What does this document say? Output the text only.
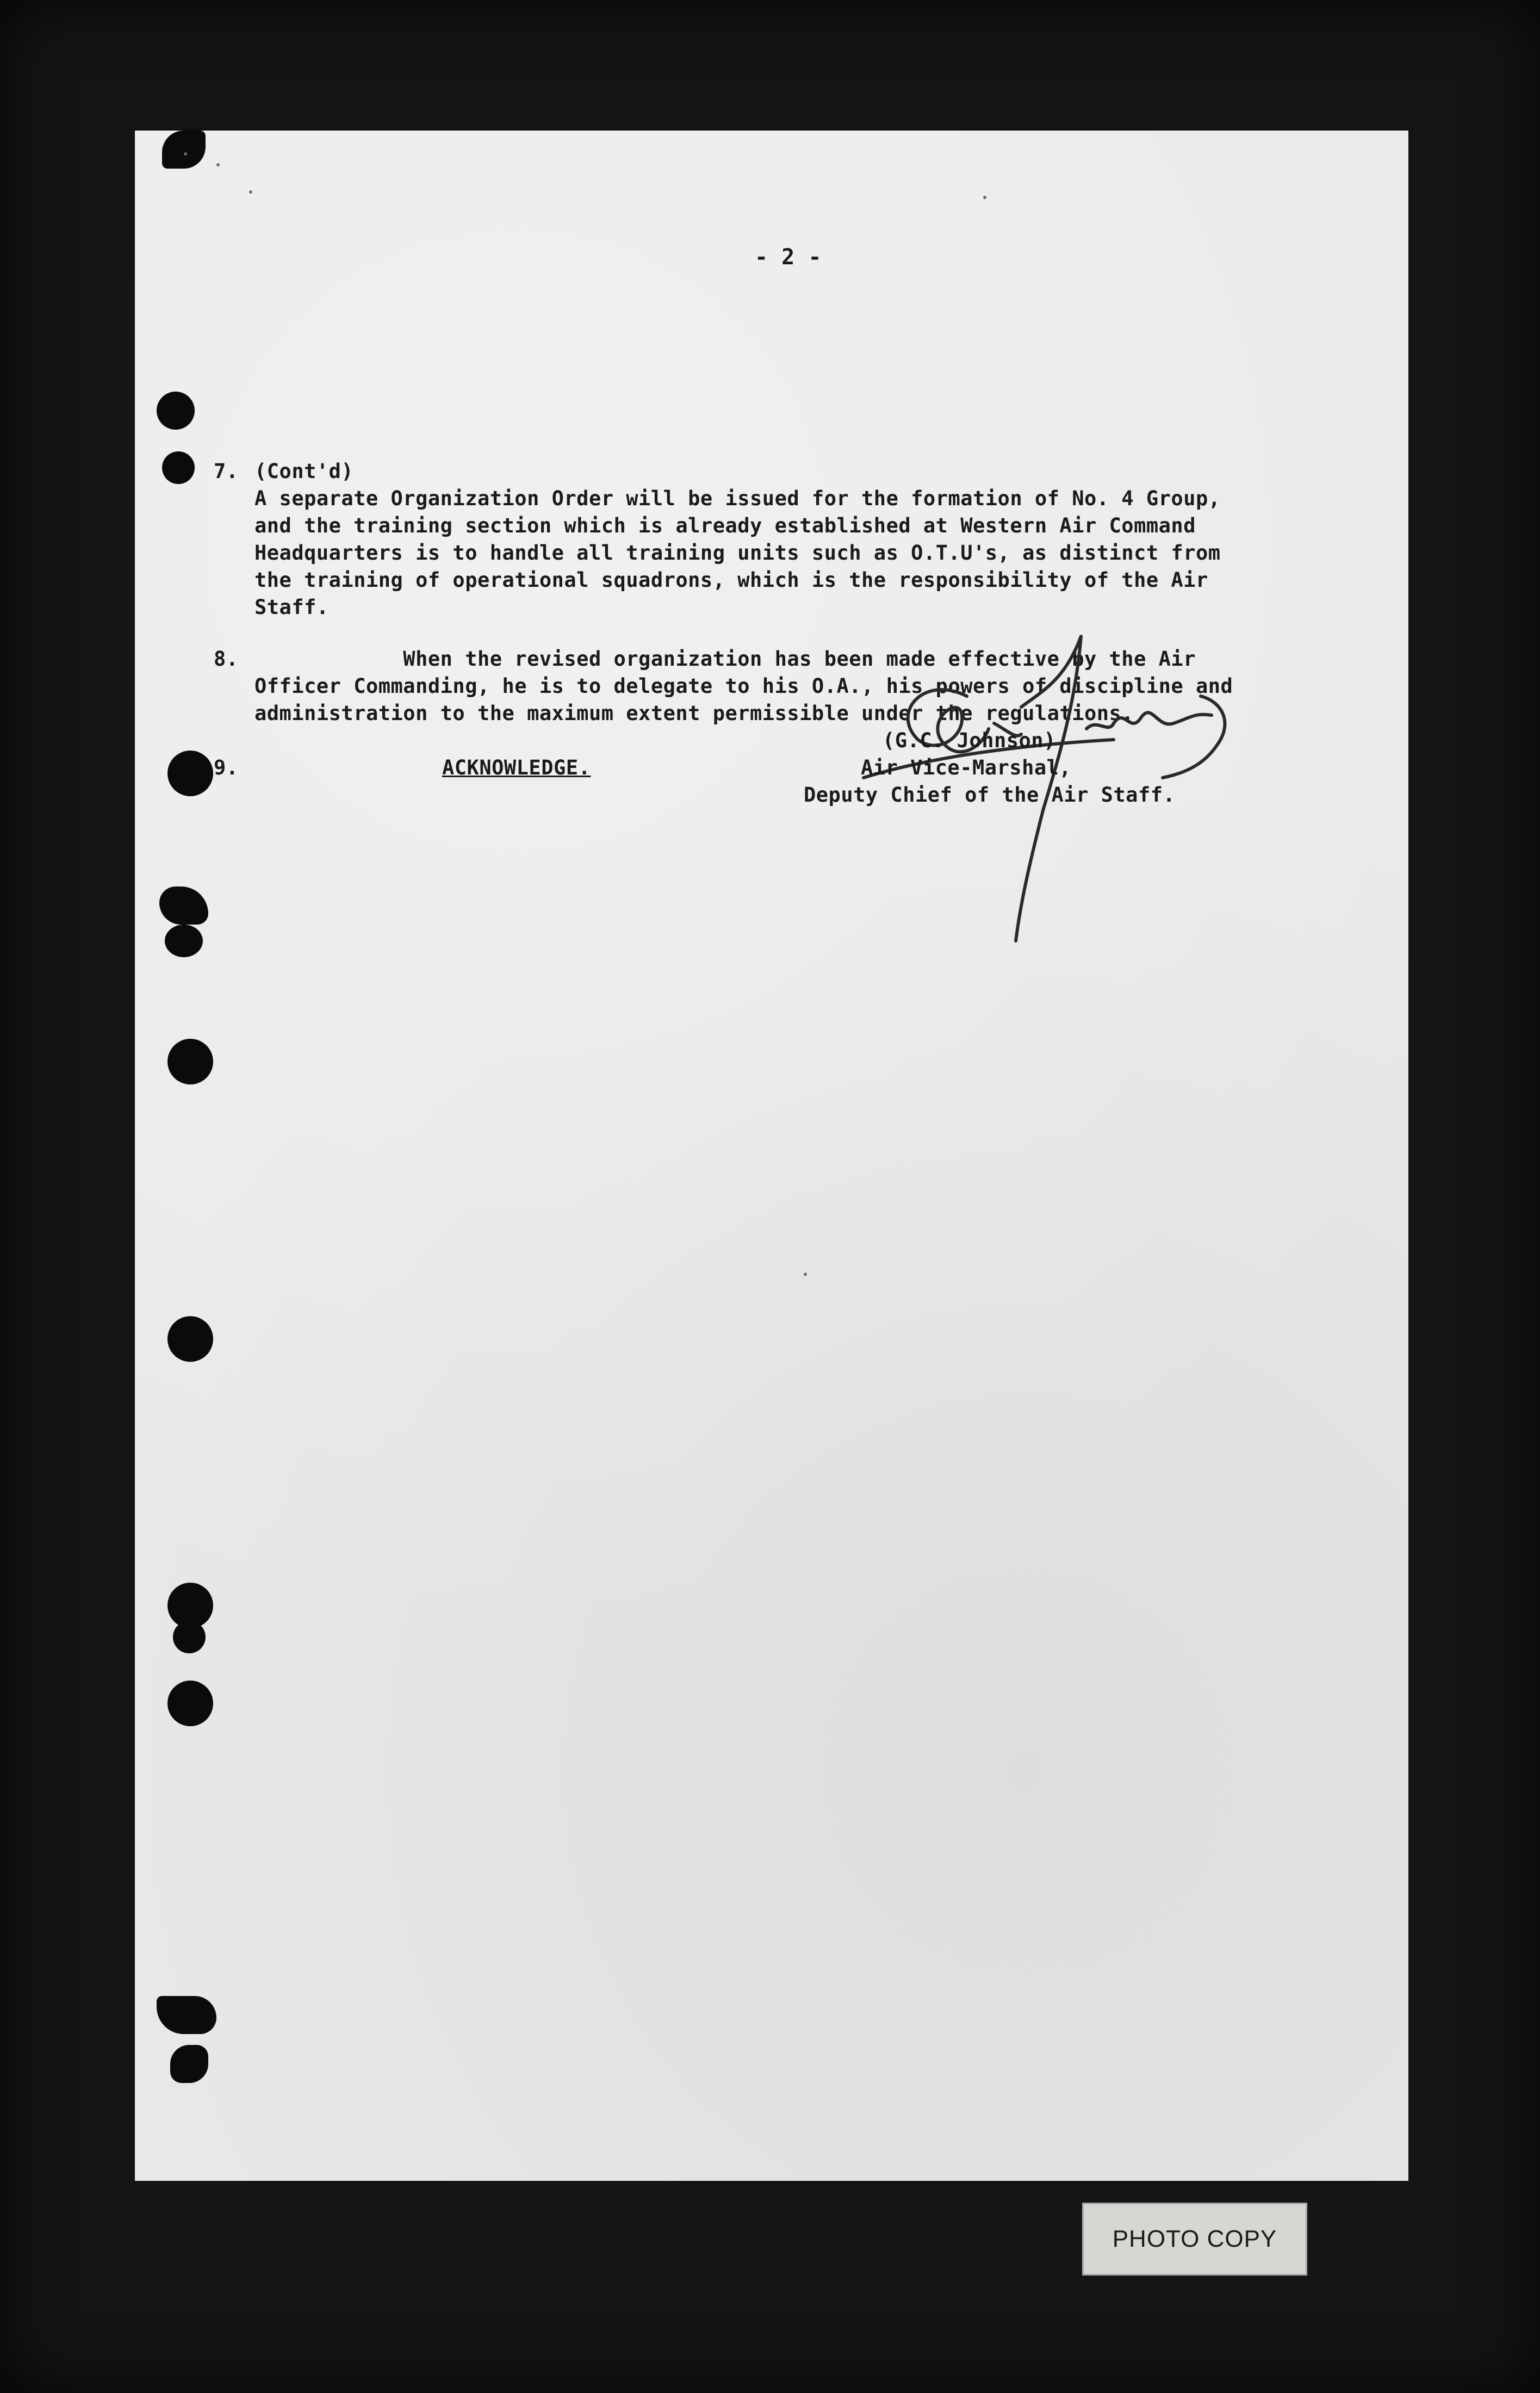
- 2 -
7. (Cont'd)
A separate Organization Order will be issued for the formation of No. 4 Group,
and the training section which is already established at Western Air Command
Headquarters is to handle all training units such as O.T.U's, as distinct from
the training of operational squadrons, which is the responsibility of the Air
Staff.
8. When the revised organization has been made effective by the Air
Officer Commanding, he is to delegate to his O.A., his powers of discipline and
administration to the maximum extent permissible under the regulations.
9.	ACKNOWLEDGE.
(G.C. Johnson)
Air Vice-Marshal,
Deputy Chief of the Air Staff.
PHOTO COPY
